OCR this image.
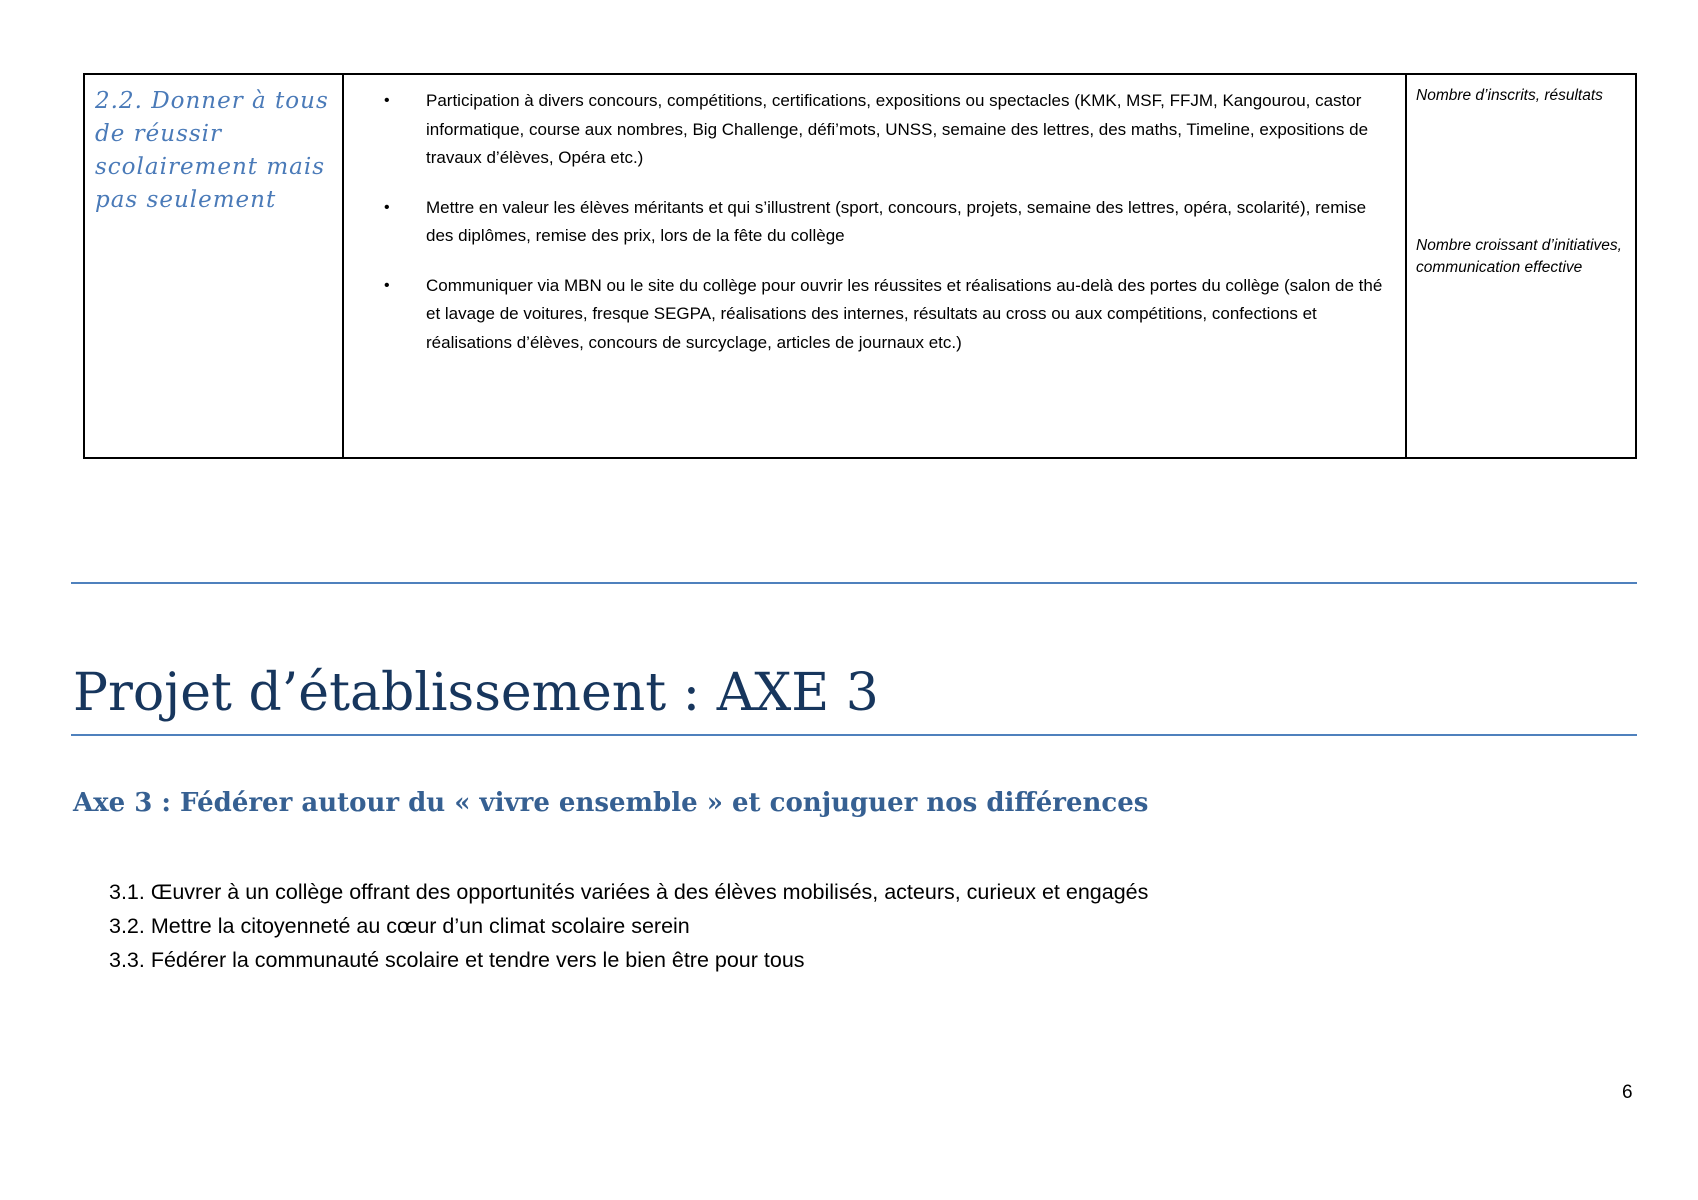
2.2. Donner à tous de réussir scolairement mais pas seulement
• Participation à divers concours, compétitions, certifications, expositions ou spectacles (KMK, MSF, FFJM, Kangourou, castor informatique, course aux nombres, Big Challenge, défi’mots, UNSS, semaine des lettres, des maths, Timeline, expositions de travaux d’élèves, Opéra etc.)
• Mettre en valeur les élèves méritants et qui s’illustrent (sport, concours, projets, semaine des lettres, opéra, scolarité), remise des diplômes, remise des prix, lors de la fête du collège
• Communiquer via MBN ou le site du collège pour ouvrir les réussites et réalisations au-delà des portes du collège (salon de thé et lavage de voitures, fresque SEGPA, réalisations des internes, résultats au cross ou aux compétitions, confections et réalisations d’élèves, concours de surcyclage, articles de journaux etc.)
Nombre d’inscrits, résultats
Nombre croissant d’initiatives, communication effective
Projet d’établissement : AXE 3
Axe 3 : Fédérer autour du « vivre ensemble » et conjuguer nos différences
3.1. Œuvrer à un collège offrant des opportunités variées à des élèves mobilisés, acteurs, curieux et engagés
3.2. Mettre la citoyenneté au cœur d’un climat scolaire serein
3.3. Fédérer la communauté scolaire et tendre vers le bien être pour tous
6
